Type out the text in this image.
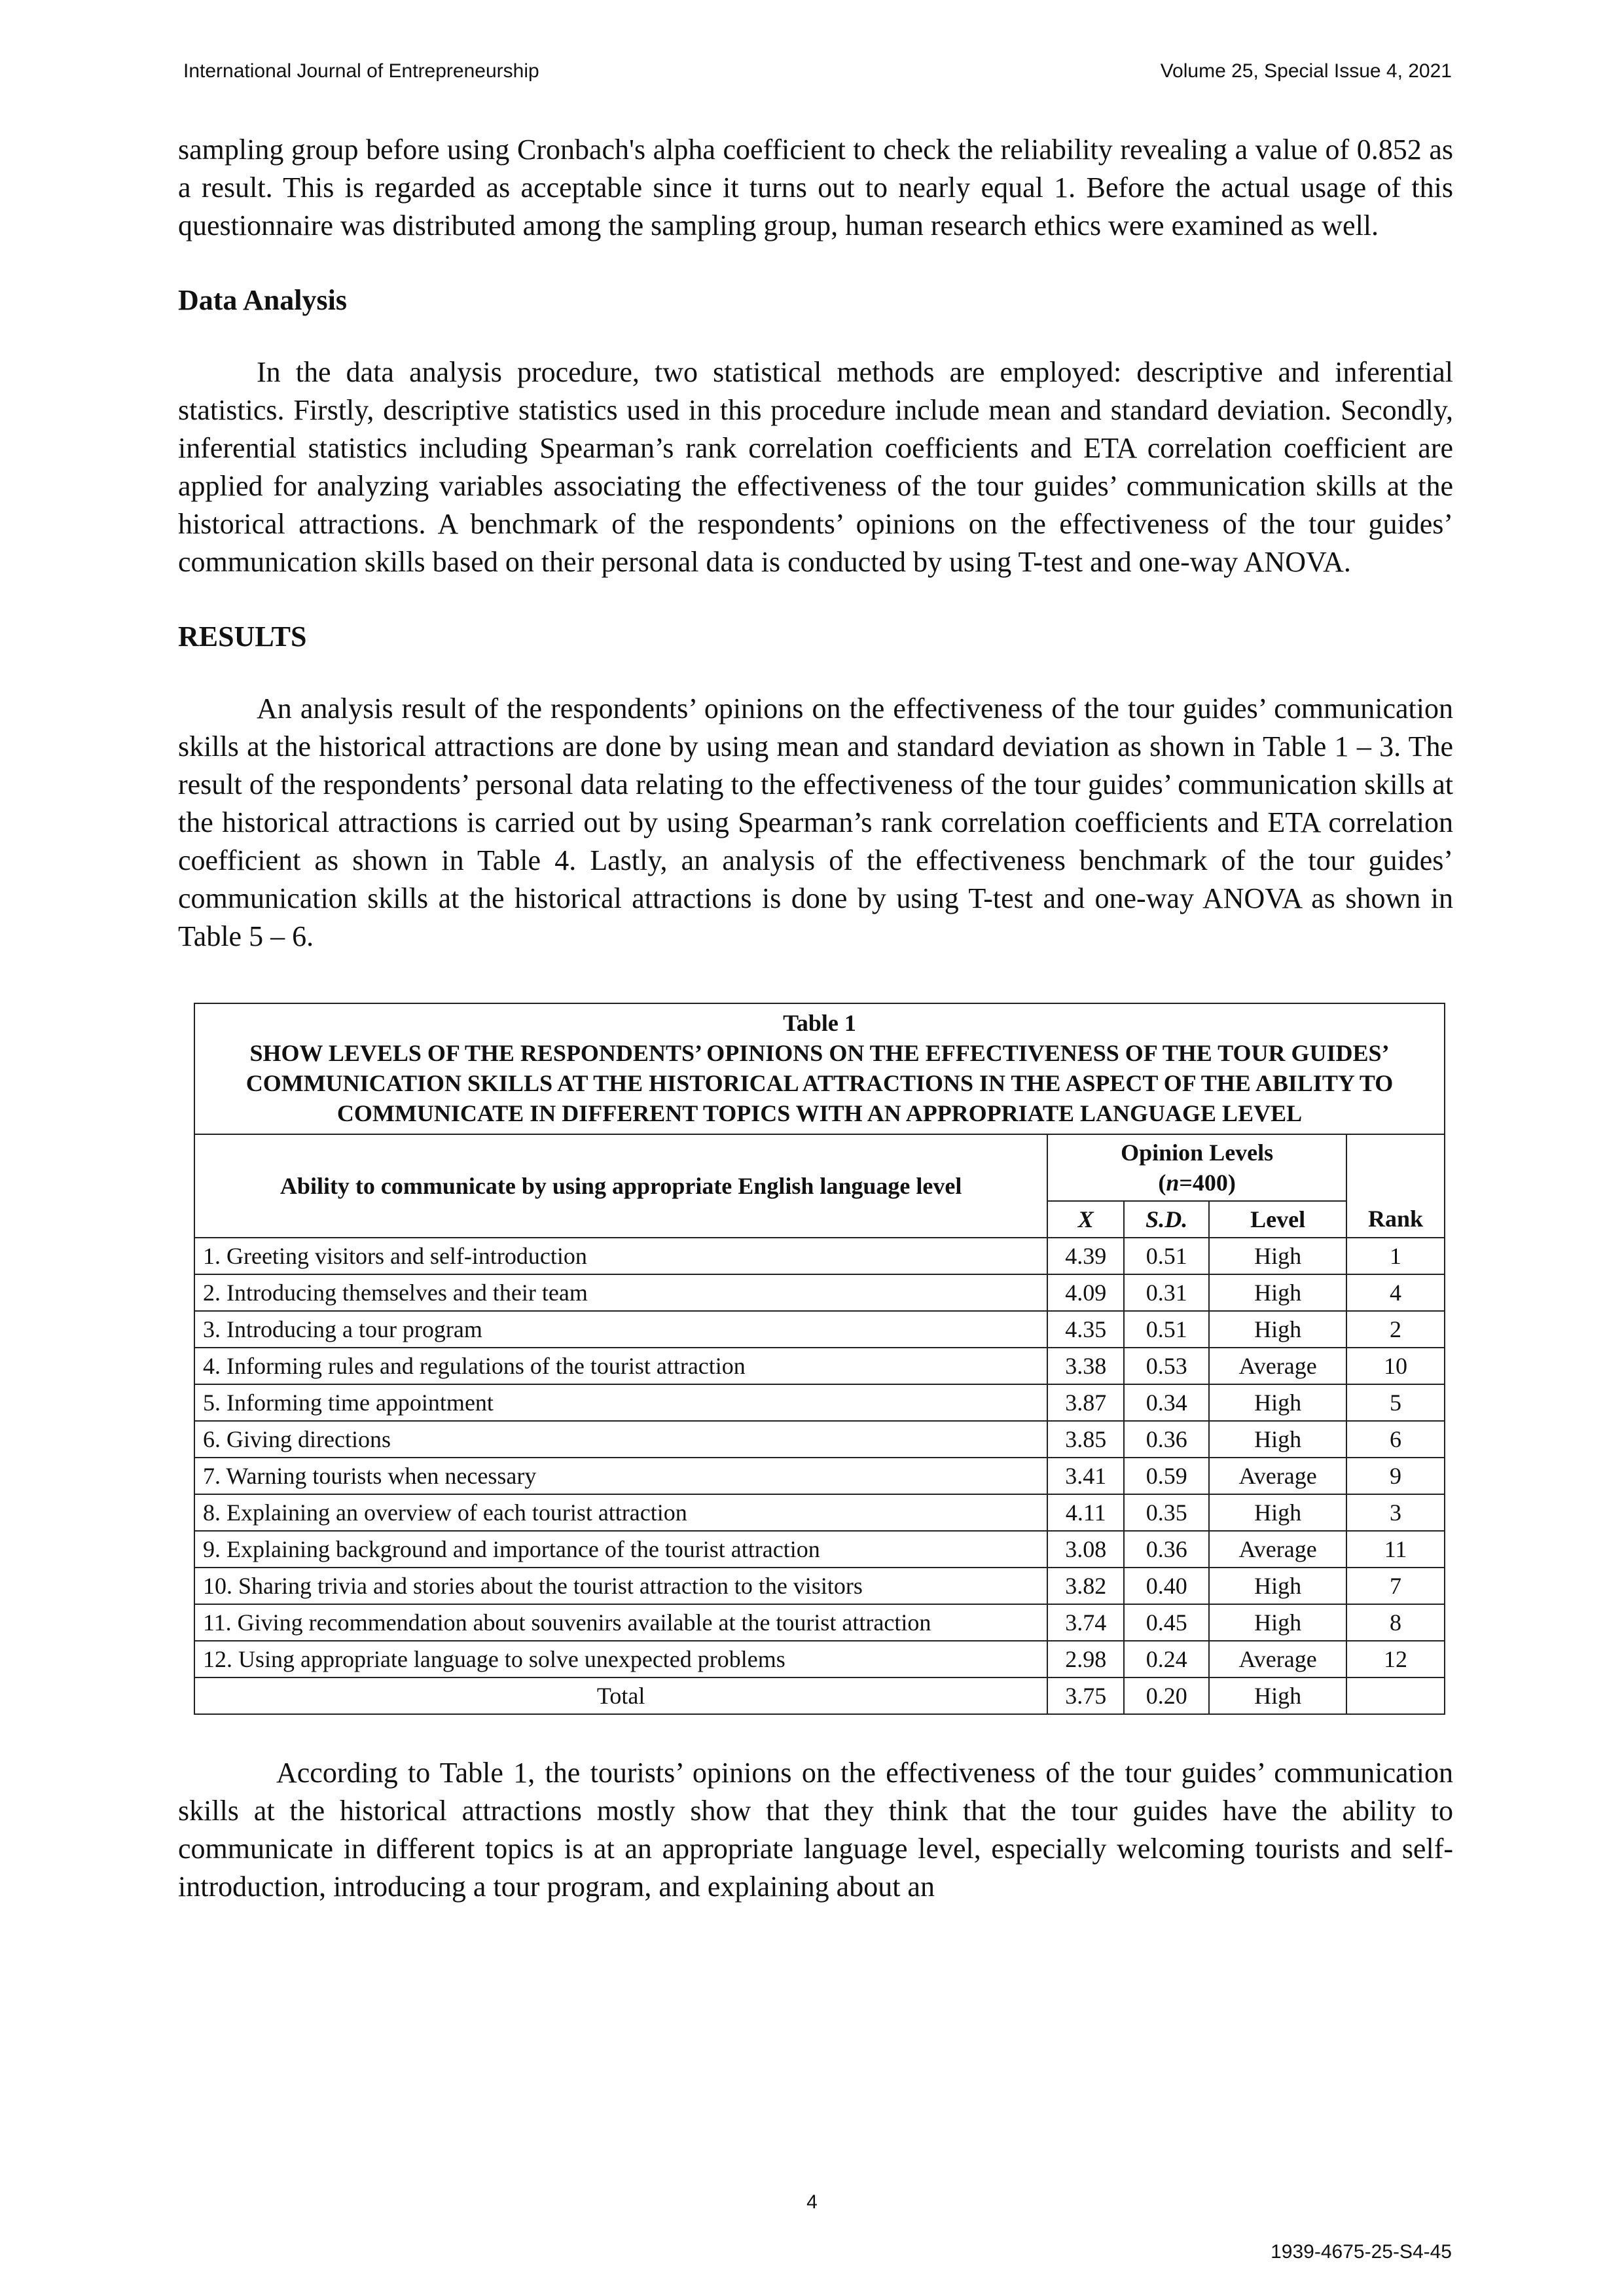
International Journal of Entrepreneurship	Volume 25, Special Issue 4, 2021

sampling group before using Cronbach's alpha coefficient to check the reliability revealing a value of 0.852 as a result. This is regarded as acceptable since it turns out to nearly equal 1. Before the actual usage of this questionnaire was distributed among the sampling group, human research ethics were examined as well.

Data Analysis

In the data analysis procedure, two statistical methods are employed: descriptive and inferential statistics. Firstly, descriptive statistics used in this procedure include mean and standard deviation. Secondly, inferential statistics including Spearman’s rank correlation coefficients and ETA correlation coefficient are applied for analyzing variables associating the effectiveness of the tour guides’ communication skills at the historical attractions. A benchmark of the respondents’ opinions on the effectiveness of the tour guides’ communication skills based on their personal data is conducted by using T-test and one-way ANOVA.

RESULTS

An analysis result of the respondents’ opinions on the effectiveness of the tour guides’ communication skills at the historical attractions are done by using mean and standard deviation as shown in Table 1 – 3. The result of the respondents’ personal data relating to the effectiveness of the tour guides’ communication skills at the historical attractions is carried out by using Spearman’s rank correlation coefficients and ETA correlation coefficient as shown in Table 4. Lastly, an analysis of the effectiveness benchmark of the tour guides’ communication skills at the historical attractions is done by using T-test and one-way ANOVA as shown in Table 5 – 6.

Table 1
SHOW LEVELS OF THE RESPONDENTS’ OPINIONS ON THE EFFECTIVENESS OF THE TOUR GUIDES’ COMMUNICATION SKILLS AT THE HISTORICAL ATTRACTIONS IN THE ASPECT OF THE ABILITY TO COMMUNICATE IN DIFFERENT TOPICS WITH AN APPROPRIATE LANGUAGE LEVEL				

Ability to communicate by using appropriate English language level	Opinion Levels
(n=400)			

	X	S.D.	Level	Rank
1. Greeting visitors and self-introduction	4.39	0.51	High	1
2. Introducing themselves and their team	4.09	0.31	High	4
3. Introducing a tour program	4.35	0.51	High	2
4. Informing rules and regulations of the tourist attraction	3.38	0.53	Average	10
5. Informing time appointment	3.87	0.34	High	5
6. Giving directions	3.85	0.36	High	6
7. Warning tourists when necessary	3.41	0.59	Average	9
8. Explaining an overview of each tourist attraction	4.11	0.35	High	3
9. Explaining background and importance of the tourist attraction	3.08	0.36	Average	11
10. Sharing trivia and stories about the tourist attraction to the visitors	3.82	0.40	High	7
11. Giving recommendation about souvenirs available at the tourist attraction	3.74	0.45	High	8
12. Using appropriate language to solve unexpected problems	2.98	0.24	Average	12
Total	3.75	0.20	High	

According to Table 1, the tourists’ opinions on the effectiveness of the tour guides’ communication skills at the historical attractions mostly show that they think that the tour guides have the ability to communicate in different topics is at an appropriate language level, especially welcoming tourists and self-introduction, introducing a tour program, and explaining about an

4
1939-4675-25-S4-45
